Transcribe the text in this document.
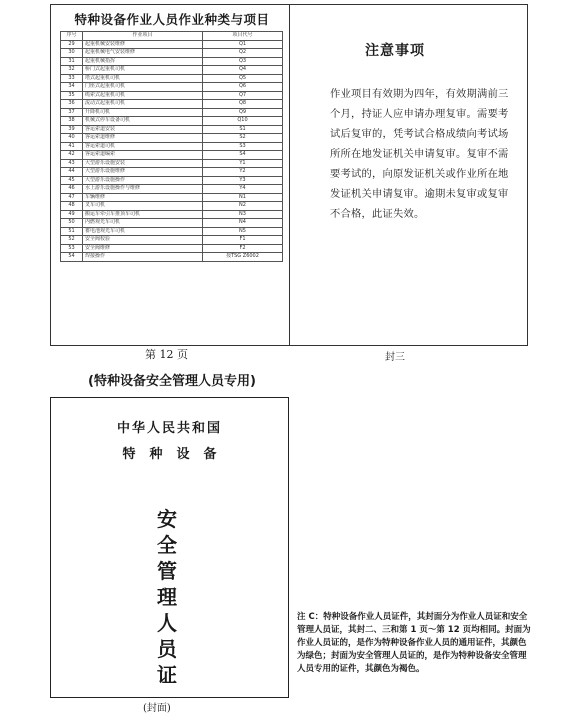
特种设备作业人员作业种类与项目
序号	作业项目	项目代号
29	起重机械安装维修	Q1
30	起重机械电气安装维修	Q2
31	起重机械指挥	Q3
32	桥门式起重机司机	Q4
33	塔式起重机司机	Q5
34	门座式起重机司机	Q6
35	缆索式起重机司机	Q7
36	流动式起重机司机	Q8
37	升降机司机	Q9
38	机械式停车设备司机	Q10
39	客运索道安装	S1
40	客运索道维修	S2
41	客运索道司机	S3
42	客运索道编索	S4
43	大型游乐设施安装	Y1
44	大型游乐设施维修	Y2
45	大型游乐设施操作	Y3
46	水上游乐设施操作与维修	Y4
47	车辆维修	N1
48	叉车司机	N2
49	搬运车牵引车推顶车司机	N3
50	内燃观光车司机	N4
51	蓄电池观光车司机	N5
52	安全阀校验	F1
53	安全阀维修	F2
54	焊接操作	按TSG Z6002
第 12 页	封三
注意事项

作业项目有效期为四年，有效期满前三个月，持证人应申请办理复审。需要考试后复审的，凭考试合格成绩向考试场所所在地发证机关申请复审。复审不需要考试的，向原发证机关或作业所在地发证机关申请复审。逾期未复审或复审不合格，此证失效。

(特种设备安全管理人员专用)
中华人民共和国
特种设备
安
全
管
理
人
员
证
(封面)
注 C：特种设备作业人员证件，其封面分为作业人员证和安全管理人员证，其封二、三和第 1 页～第 12 页均相同。封面为作业人员证的，是作为特种设备作业人员的通用证件，其颜色为绿色；封面为安全管理人员证的，是作为特种设备安全管理人员专用的证件，其颜色为褐色。
